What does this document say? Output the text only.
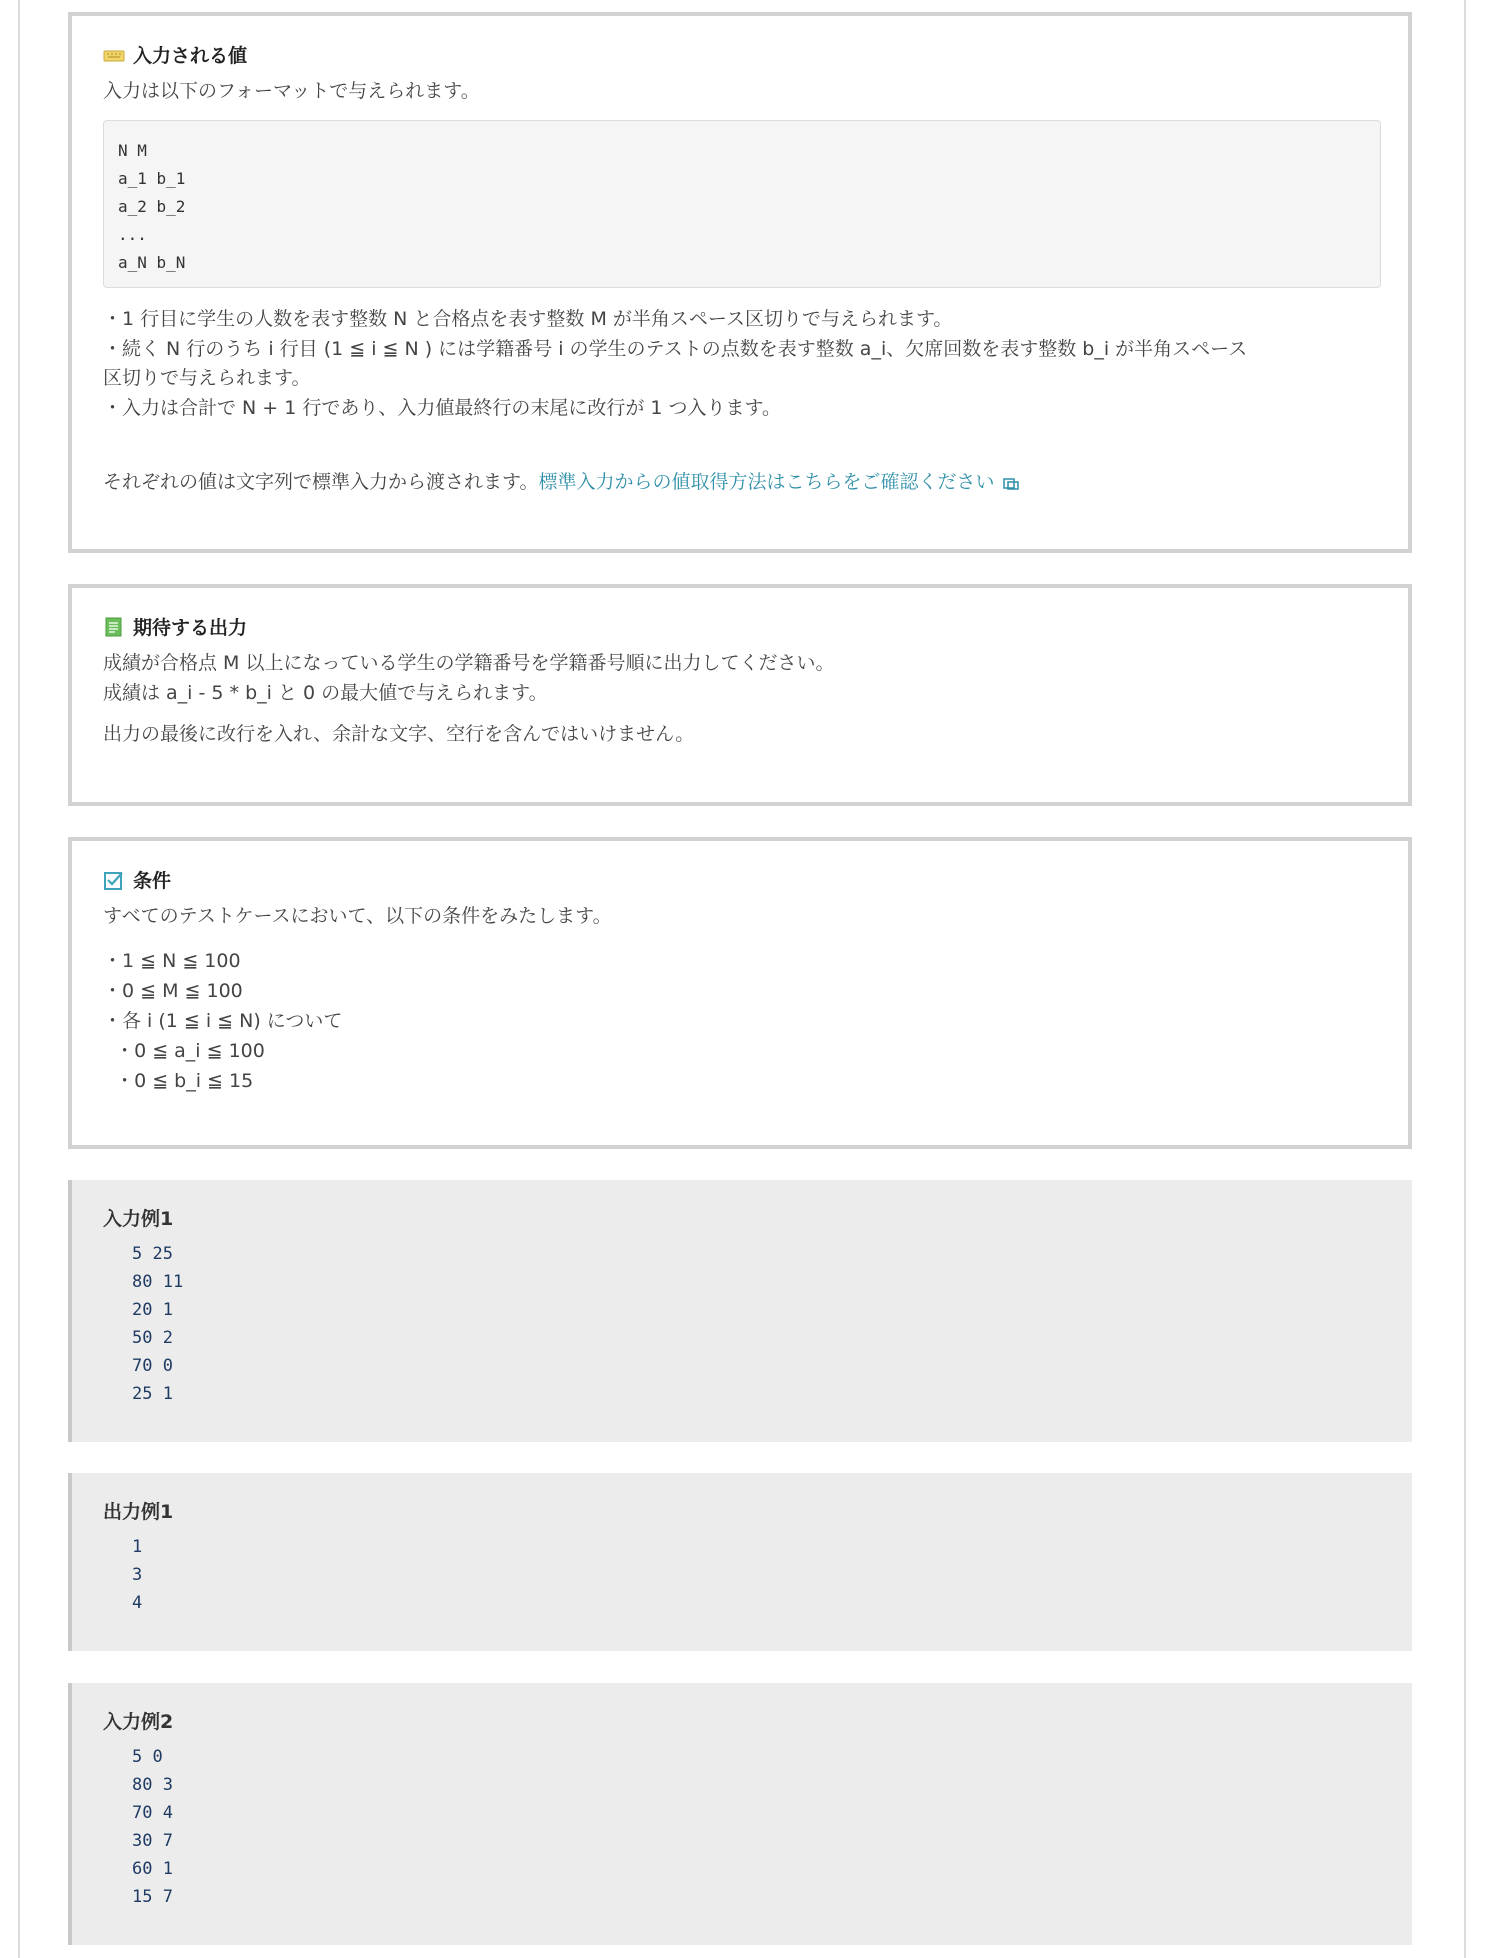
入力される値
入力は以下のフォーマットで与えられます。
N M
a_1 b_1
a_2 b_2
...
a_N b_N
・1 行目に学生の人数を表す整数 N と合格点を表す整数 M が半角スペース区切りで与えられます。
・続く N 行のうち i 行目 (1 ≦ i ≦ N ) には学籍番号 i の学生のテストの点数を表す整数 a_i、欠席回数を表す整数 b_i が半角スペース
区切りで与えられます。
・入力は合計で N + 1 行であり、入力値最終行の末尾に改行が 1 つ入ります。
それぞれの値は文字列で標準入力から渡されます。標準入力からの値取得方法はこちらをご確認ください
期待する出力
成績が合格点 M 以上になっている学生の学籍番号を学籍番号順に出力してください。
成績は a_i - 5 * b_i と 0 の最大値で与えられます。
出力の最後に改行を入れ、余計な文字、空行を含んではいけません。
条件
すべてのテストケースにおいて、以下の条件をみたします。
・1 ≦ N ≦ 100
・0 ≦ M ≦ 100
・各 i (1 ≦ i ≦ N) について
・0 ≦ a_i ≦ 100
・0 ≦ b_i ≦ 15
入力例1
5 25
80 11
20 1
50 2
70 0
25 1
出力例1
1
3
4
入力例2
5 0
80 3
70 4
30 7
60 1
15 7
